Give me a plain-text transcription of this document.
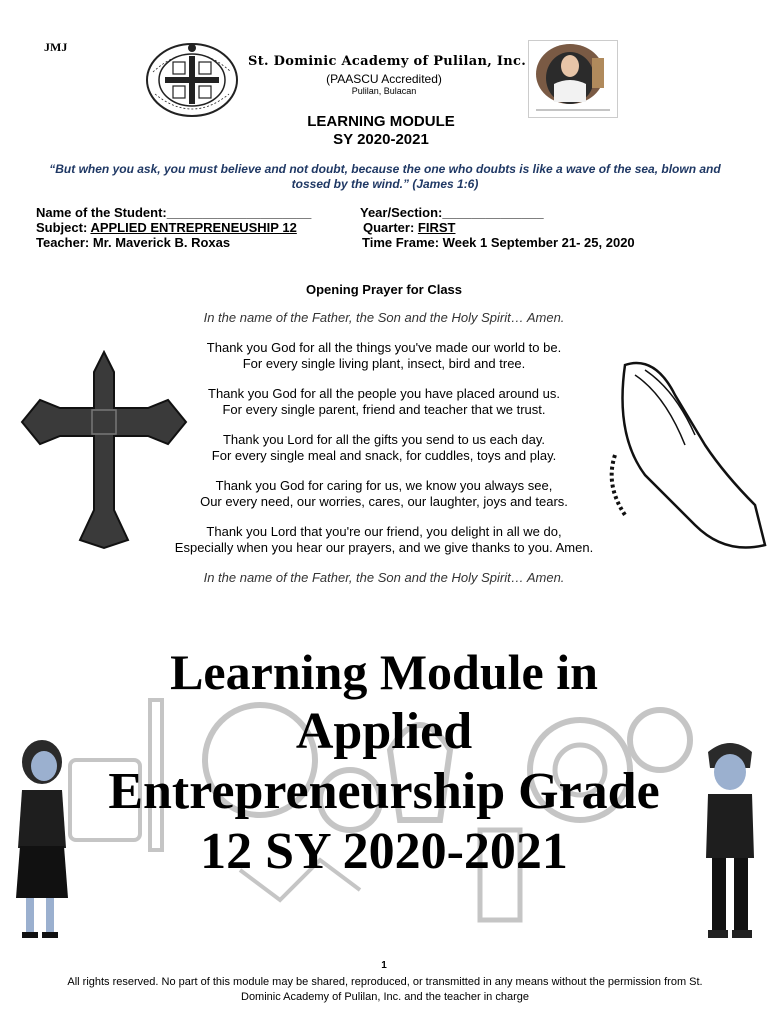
JMJ
St. Dominic Academy of Pulilan, Inc.
(PAASCU Accredited)
Pulilan, Bulacan
LEARNING MODULE
SY 2020-2021
“But when you ask, you must believe and not doubt, because the one who doubts is like a wave of the sea, blown and tossed by the wind.” (James 1:6)
Name of the Student:____________________	Year/Section:______________
Subject: APPLIED ENTREPRENEUSHIP 12	Quarter: FIRST
Teacher: Mr. Maverick B. Roxas	Time Frame: Week 1 September 21- 25, 2020
Opening Prayer for Class

In the name of the Father, the Son and the Holy Spirit… Amen.

Thank you God for all the things you've made our world to be.
For every single living plant, insect, bird and tree.

Thank you God for all the people you have placed around us.
For every single parent, friend and teacher that we trust.

Thank you Lord for all the gifts you send to us each day.
For every single meal and snack, for cuddles, toys and play.

Thank you God for caring for us, we know you always see,
Our every need, our worries, cares, our laughter, joys and tears.

Thank you Lord that you're our friend, you delight in all we do,
Especially when you hear our prayers, and we give thanks to you. Amen.

In the name of the Father, the Son and the Holy Spirit… Amen.

Learning Module in
Applied
Entrepreneurship Grade
12 SY 2020-2021
1
All rights reserved. No part of this module may be shared, reproduced, or transmitted in any means without the permission from St. Dominic Academy of Pulilan, Inc. and the teacher in charge
